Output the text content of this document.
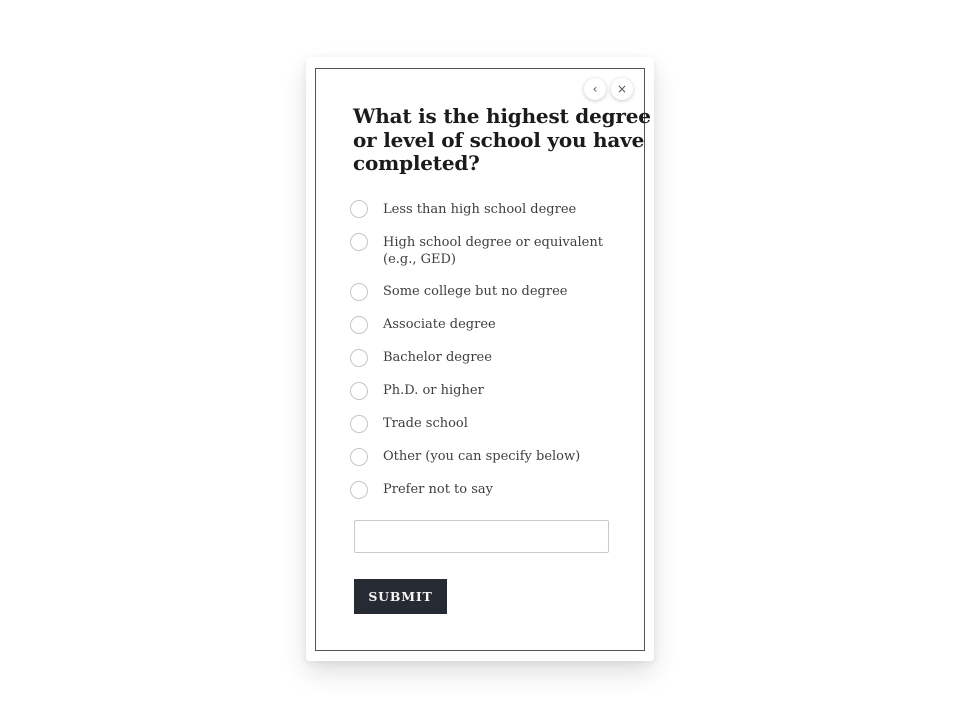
‹ ×
What is the highest degree
or level of school you have
completed?
Less than high school degree
High school degree or equivalent (e.g., GED)
Some college but no degree
Associate degree
Bachelor degree
Ph.D. or higher
Trade school
Other (you can specify below)
Prefer not to say
SUBMIT
